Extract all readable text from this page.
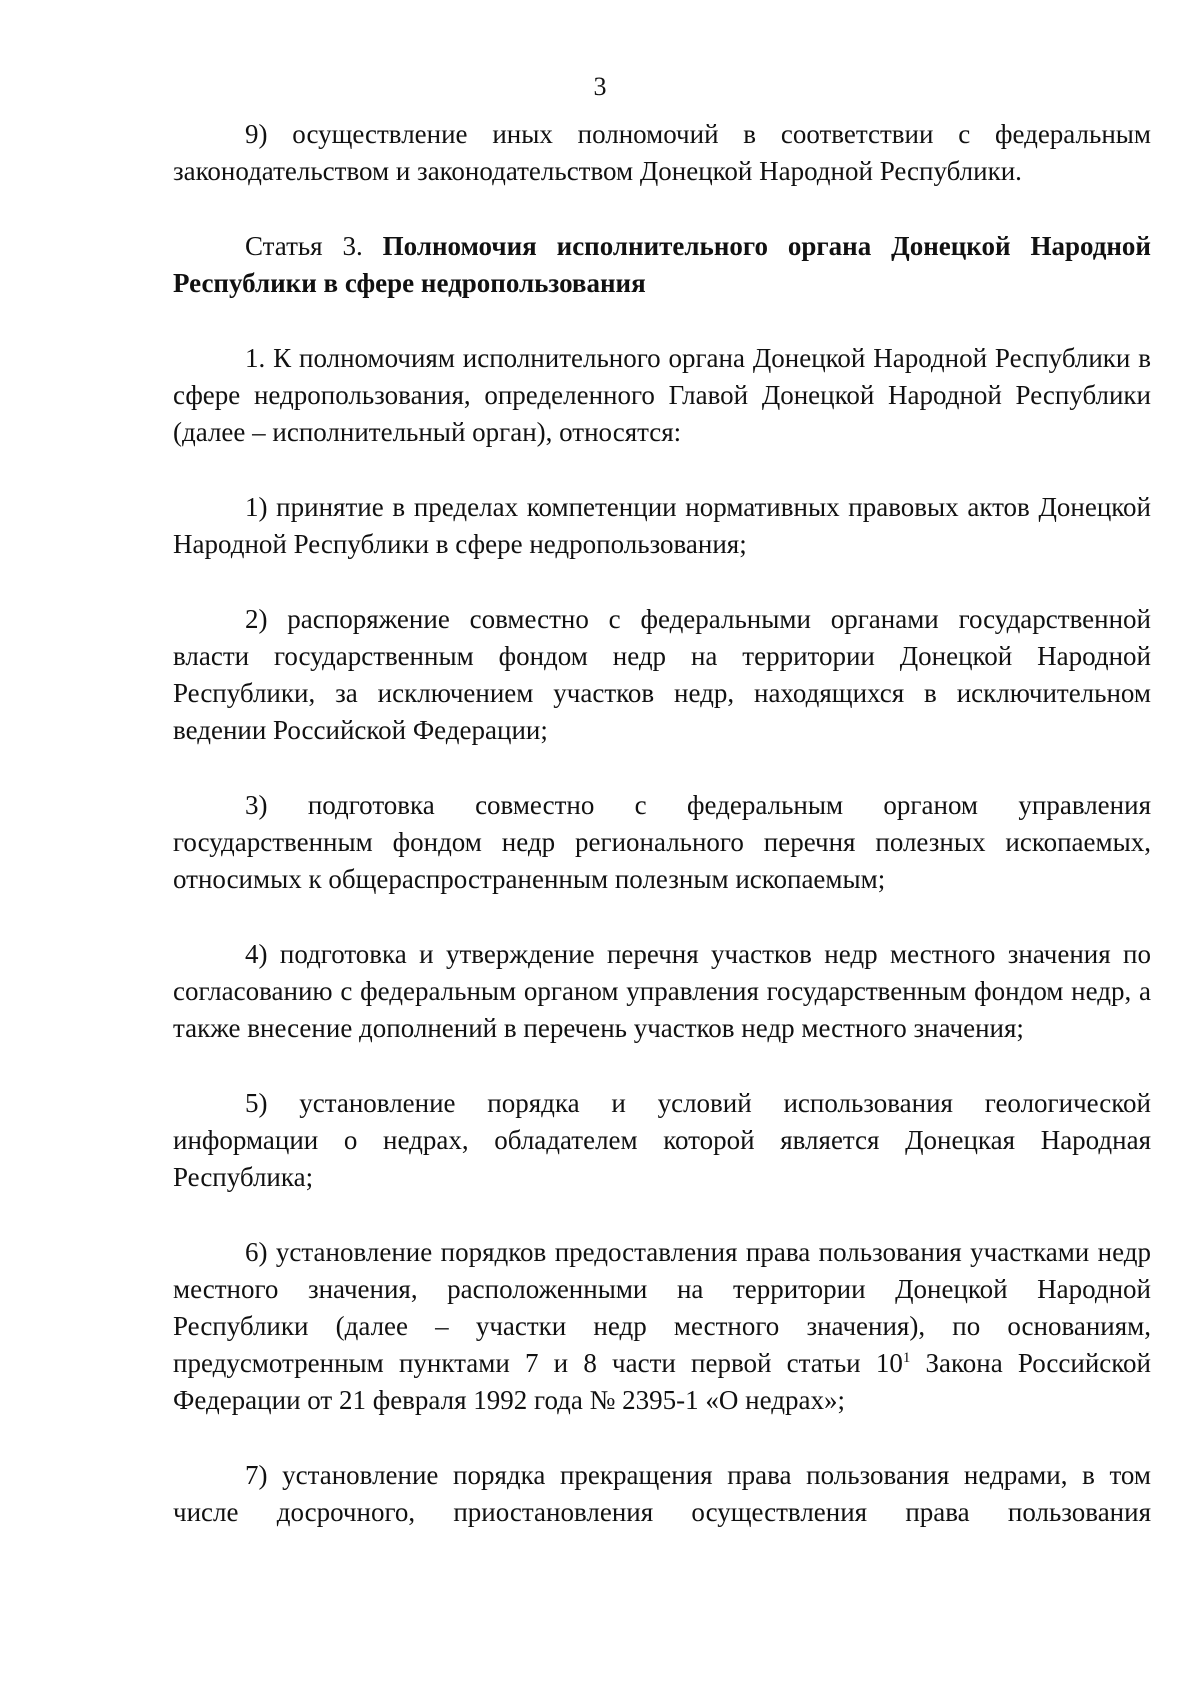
3

9) осуществление иных полномочий в соответствии с федеральным законодательством и законодательством Донецкой Народной Республики.

Статья 3. Полномочия исполнительного органа Донецкой Народной Республики в сфере недропользования

1. К полномочиям исполнительного органа Донецкой Народной Республики в сфере недропользования, определенного Главой Донецкой Народной Республики (далее – исполнительный орган), относятся:

1) принятие в пределах компетенции нормативных правовых актов Донецкой Народной Республики в сфере недропользования;

2) распоряжение совместно с федеральными органами государственной власти государственным фондом недр на территории Донецкой Народной Республики, за исключением участков недр, находящихся в исключительном ведении Российской Федерации;

3) подготовка совместно с федеральным органом управления государственным фондом недр регионального перечня полезных ископаемых, относимых к общераспространенным полезным ископаемым;

4) подготовка и утверждение перечня участков недр местного значения по согласованию с федеральным органом управления государственным фондом недр, а также внесение дополнений в перечень участков недр местного значения;

5) установление порядка и условий использования геологической информации о недрах, обладателем которой является Донецкая Народная Республика;

6) установление порядков предоставления права пользования участками недр местного значения, расположенными на территории Донецкой Народной Республики (далее – участки недр местного значения), по основаниям, предусмотренным пунктами 7 и 8 части первой статьи $10^1$ Закона Российской Федерации от 21 февраля 1992 года № 2395-1 «О недрах»;

7) установление порядка прекращения права пользования недрами, в том числе досрочного, приостановления осуществления права пользования
